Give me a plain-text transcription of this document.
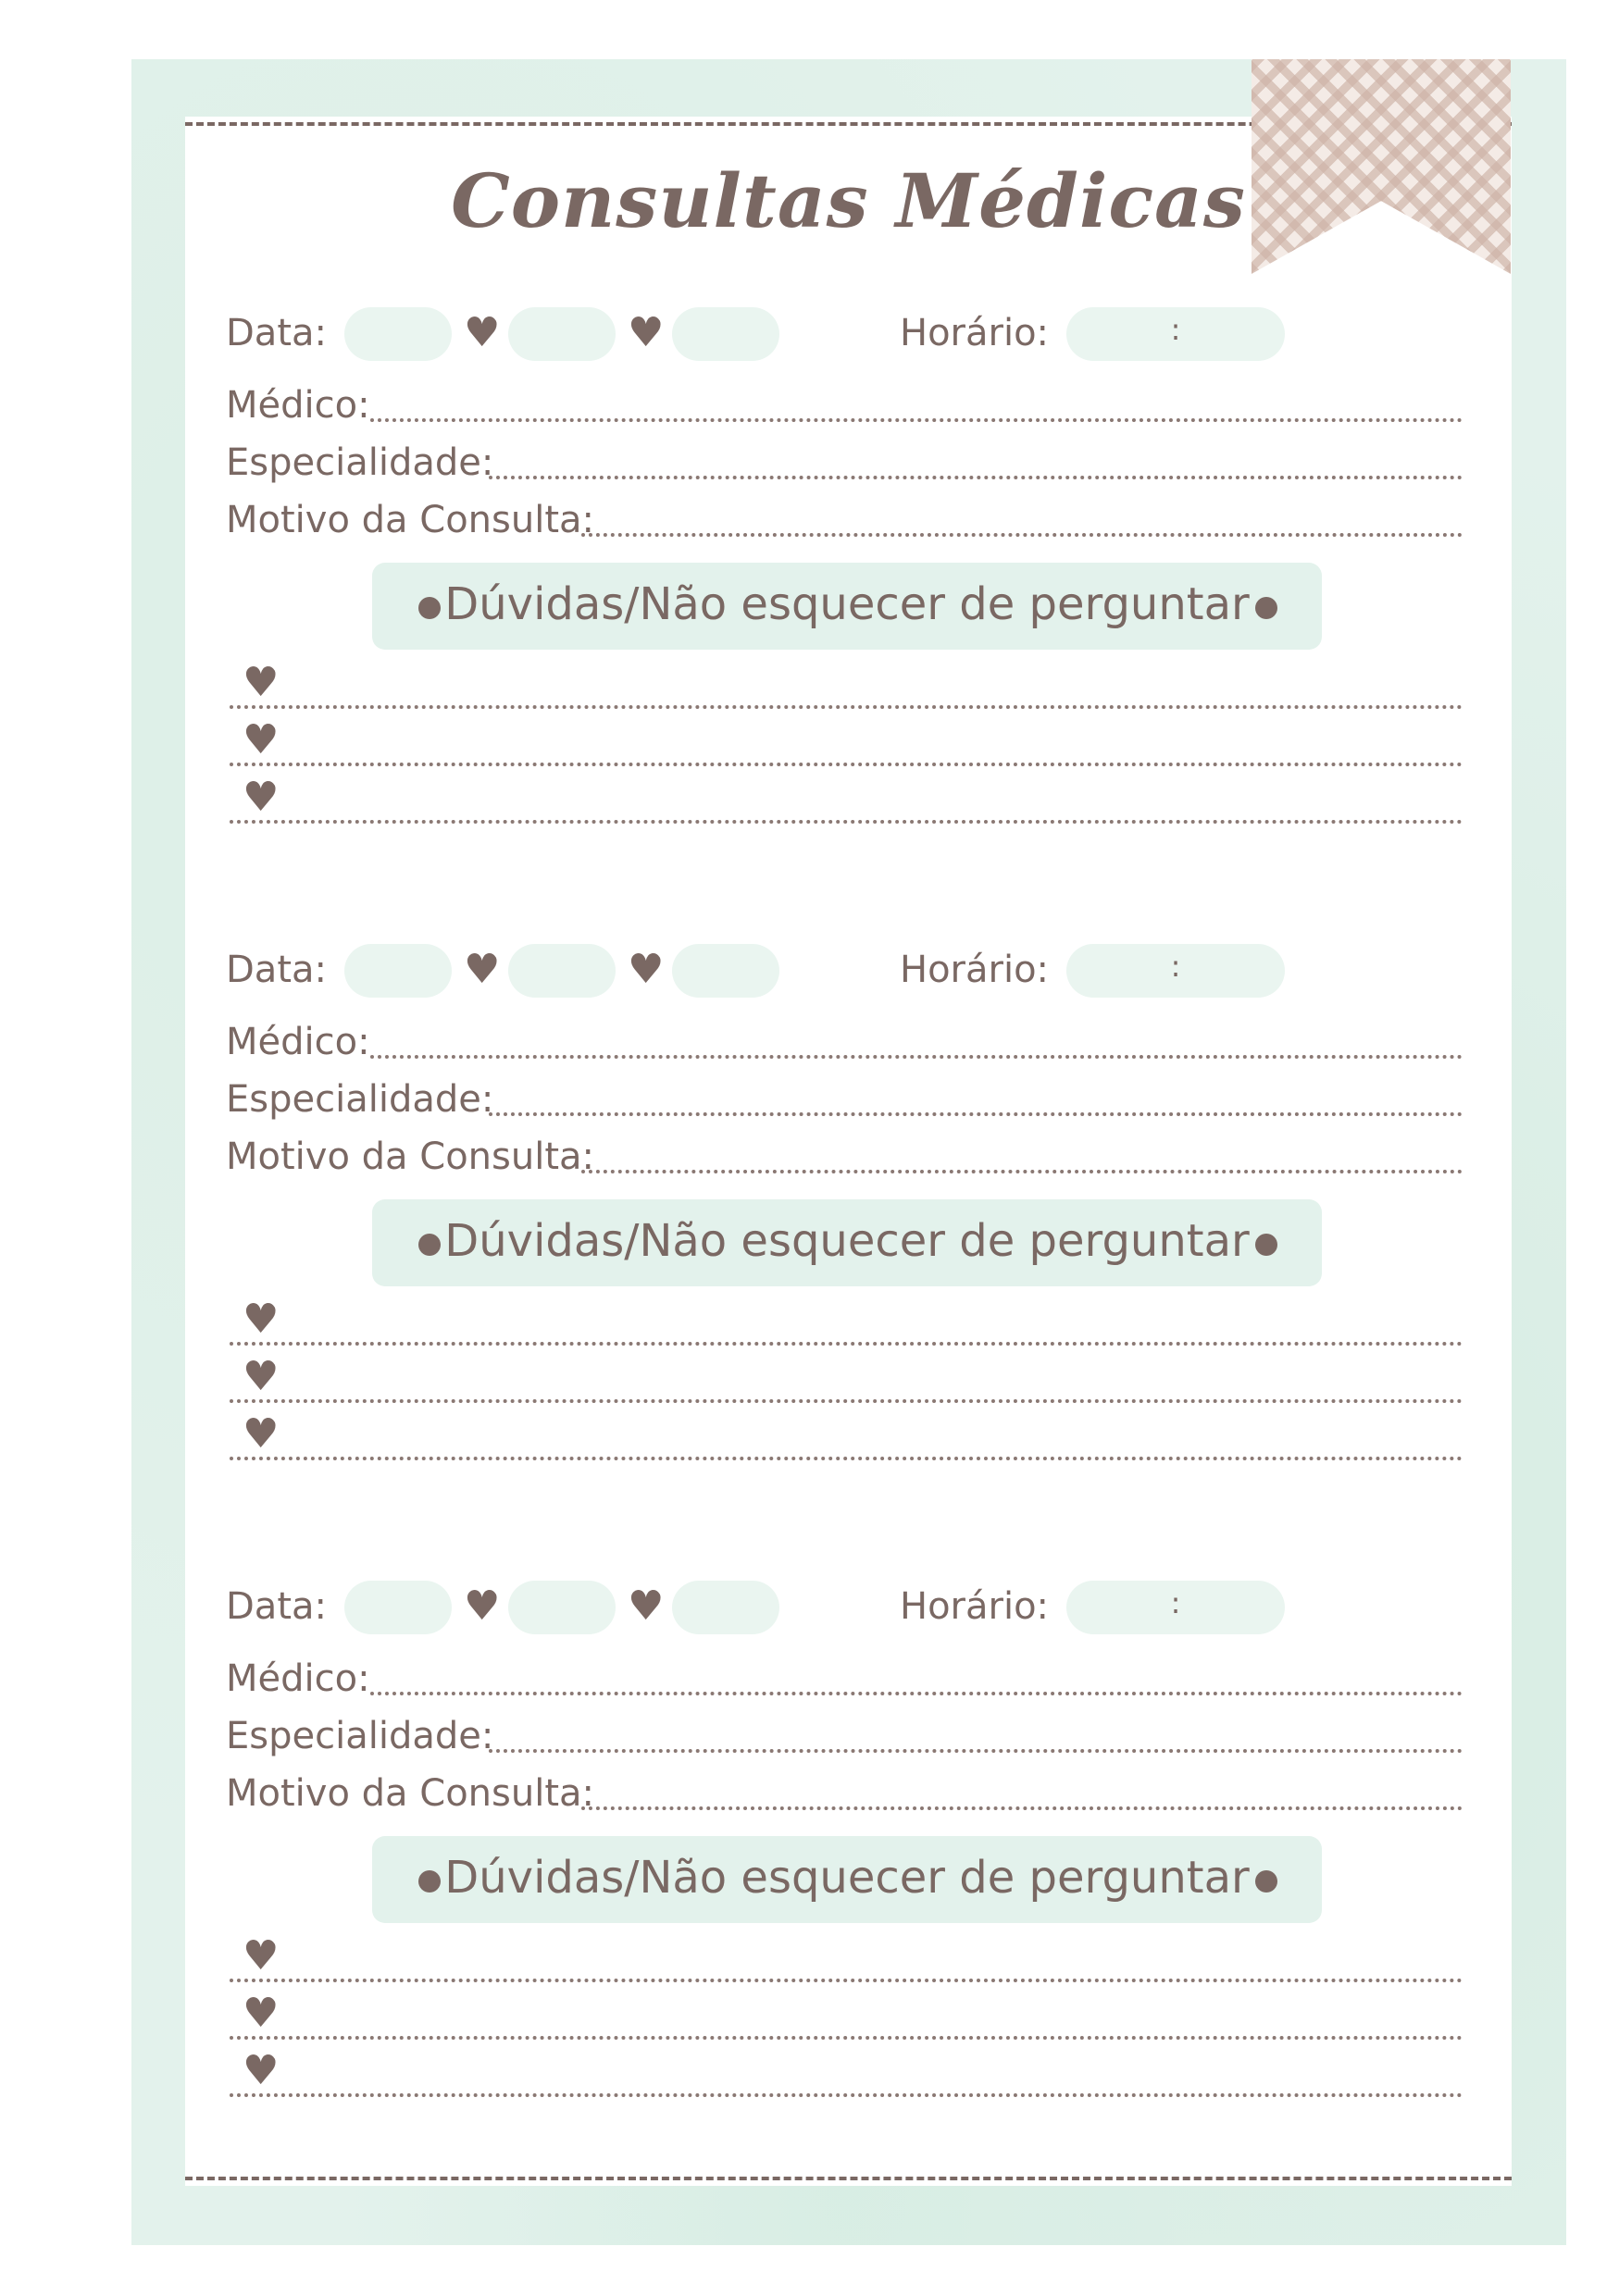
Consultas Médicas
Data:	♥	♥	Horário:	:
Médico:
Especialidade:
Motivo da Consulta:
Dúvidas/Não esquecer de perguntar
♥
♥
♥
Data:	♥	♥	Horário:	:
Médico:
Especialidade:
Motivo da Consulta:
Dúvidas/Não esquecer de perguntar
♥
♥
♥
Data:	♥	♥	Horário:	:
Médico:
Especialidade:
Motivo da Consulta:
Dúvidas/Não esquecer de perguntar
♥
♥
♥
